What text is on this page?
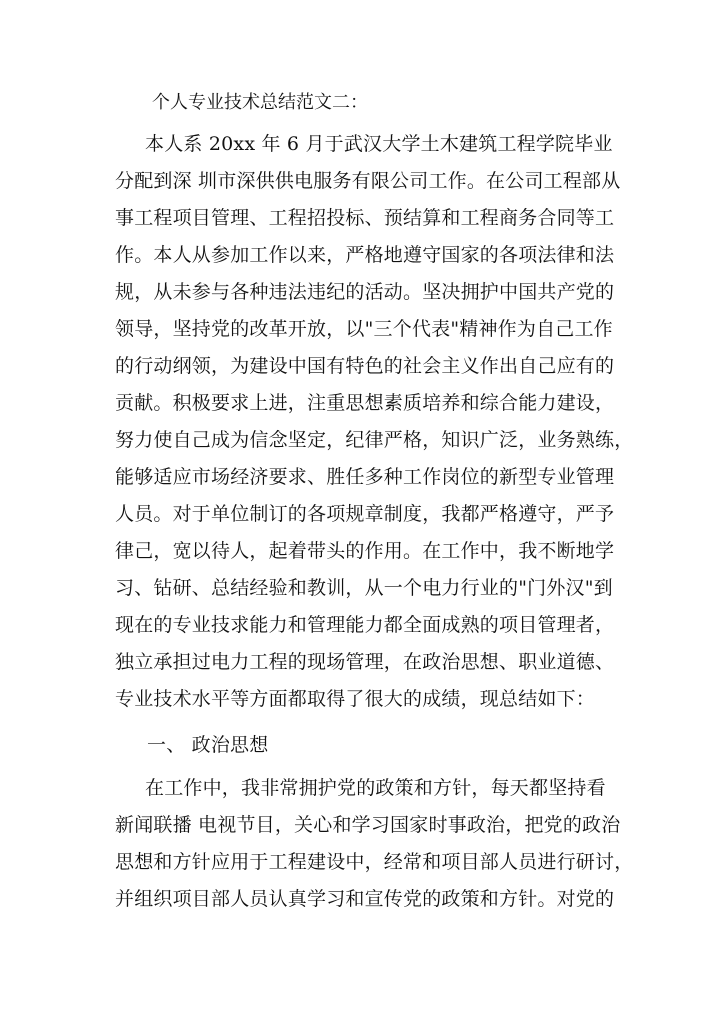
个人专业技术总结范文二：
本人系 20xx 年 6 月于武汉大学土木建筑工程学院毕业
分配到深 圳市深供供电服务有限公司工作。在公司工程部从
事工程项目管理、工程招投标、预结算和工程商务合同等工
作。本人从参加工作以来，严格地遵守国家的各项法律和法
规，从未参与各种违法违纪的活动。坚决拥护中国共产党的
领导，坚持党的改革开放，以"三个代表"精神作为自己工作
的行动纲领，为建设中国有特色的社会主义作出自己应有的
贡献。积极要求上进，注重思想素质培养和综合能力建设，
努力使自己成为信念坚定，纪律严格，知识广泛，业务熟练，
能够适应市场经济要求、胜任多种工作岗位的新型专业管理
人员。对于单位制订的各项规章制度，我都严格遵守，严予
律己，宽以待人，起着带头的作用。在工作中，我不断地学
习、钻研、总结经验和教训，从一个电力行业的"门外汉"到
现在的专业技求能力和管理能力都全面成熟的项目管理者，
独立承担过电力工程的现场管理，在政治思想、职业道德、
专业技术水平等方面都取得了很大的成绩，现总结如下：
一、 政治思想
在工作中，我非常拥护党的政策和方针，每天都坚持看
新闻联播 电视节目，关心和学习国家时事政治，把党的政治
思想和方针应用于工程建设中，经常和项目部人员进行研讨，
并组织项目部人员认真学习和宣传党的政策和方针。对党的
